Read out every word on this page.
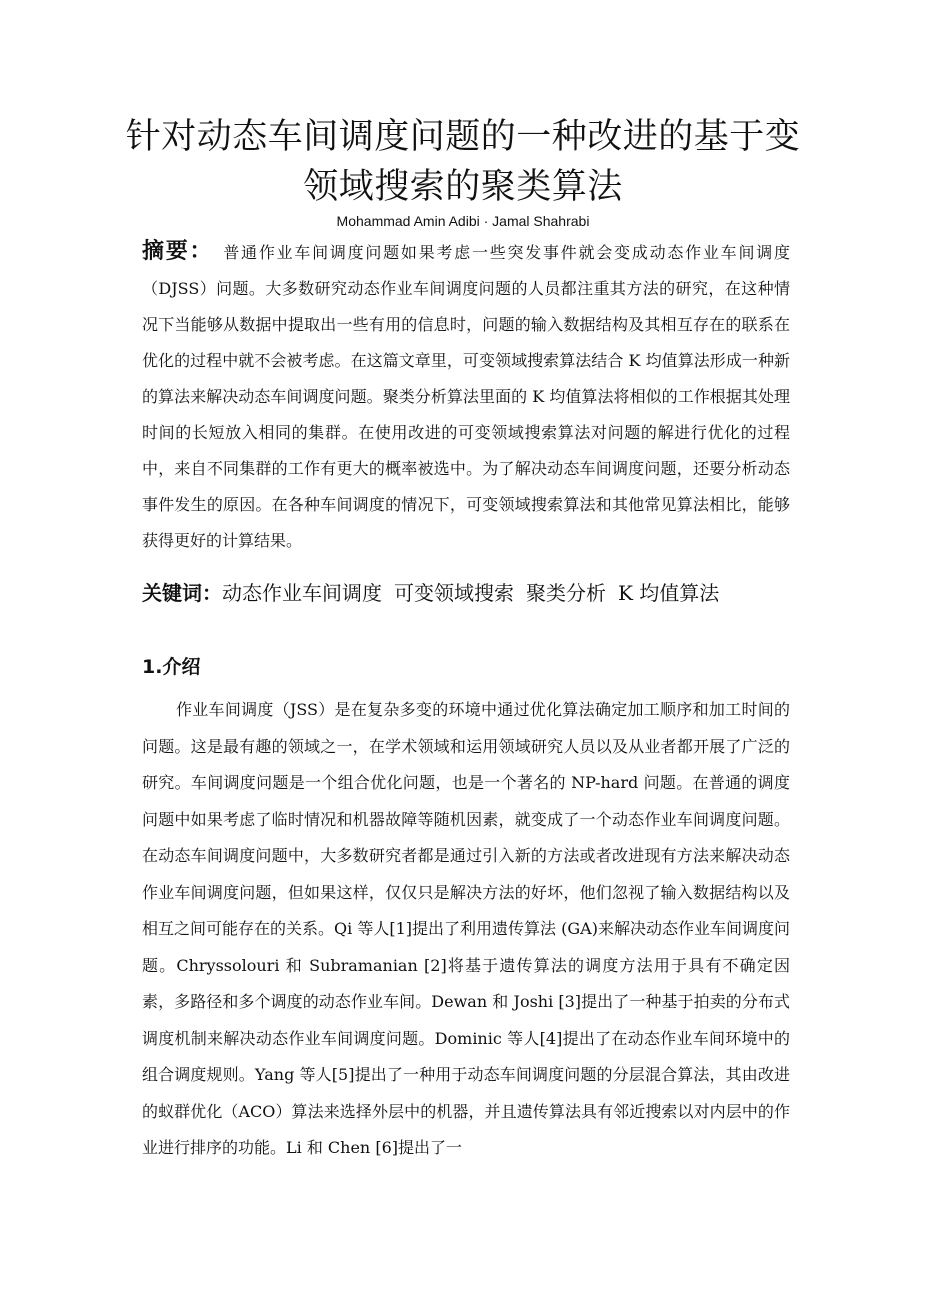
针对动态车间调度问题的一种改进的基于变领域搜索的聚类算法
Mohammad Amin Adibi · Jamal Shahrabi
摘要： 普通作业车间调度问题如果考虑一些突发事件就会变成动态作业车间调度（DJSS）问题。大多数研究动态作业车间调度问题的人员都注重其方法的研究，在这种情况下当能够从数据中提取出一些有用的信息时，问题的输入数据结构及其相互存在的联系在优化的过程中就不会被考虑。在这篇文章里，可变领域搜索算法结合 K 均值算法形成一种新的算法来解决动态车间调度问题。聚类分析算法里面的 K 均值算法将相似的工作根据其处理时间的长短放入相同的集群。在使用改进的可变领域搜索算法对问题的解进行优化的过程中，来自不同集群的工作有更大的概率被选中。为了解决动态车间调度问题，还要分析动态事件发生的原因。在各种车间调度的情况下，可变领域搜索算法和其他常见算法相比，能够获得更好的计算结果。
关键词：动态作业车间调度 可变领域搜索 聚类分析 K 均值算法
1.介绍
作业车间调度（JSS）是在复杂多变的环境中通过优化算法确定加工顺序和加工时间的问题。这是最有趣的领域之一，在学术领域和运用领域研究人员以及从业者都开展了广泛的研究。车间调度问题是一个组合优化问题，也是一个著名的 NP-hard 问题。在普通的调度问题中如果考虑了临时情况和机器故障等随机因素，就变成了一个动态作业车间调度问题。在动态车间调度问题中，大多数研究者都是通过引入新的方法或者改进现有方法来解决动态作业车间调度问题，但如果这样，仅仅只是解决方法的好坏，他们忽视了输入数据结构以及相互之间可能存在的关系。Qi 等人[1]提出了利用遗传算法 (GA)来解决动态作业车间调度问题。Chryssolouri 和 Subramanian [2]将基于遗传算法的调度方法用于具有不确定因素，多路径和多个调度的动态作业车间。Dewan 和 Joshi [3]提出了一种基于拍卖的分布式调度机制来解决动态作业车间调度问题。Dominic 等人[4]提出了在动态作业车间环境中的组合调度规则。Yang 等人[5]提出了一种用于动态车间调度问题的分层混合算法，其由改进的蚁群优化（ACO）算法来选择外层中的机器，并且遗传算法具有邻近搜索以对内层中的作业进行排序的功能。Li 和 Chen [6]提出了一
